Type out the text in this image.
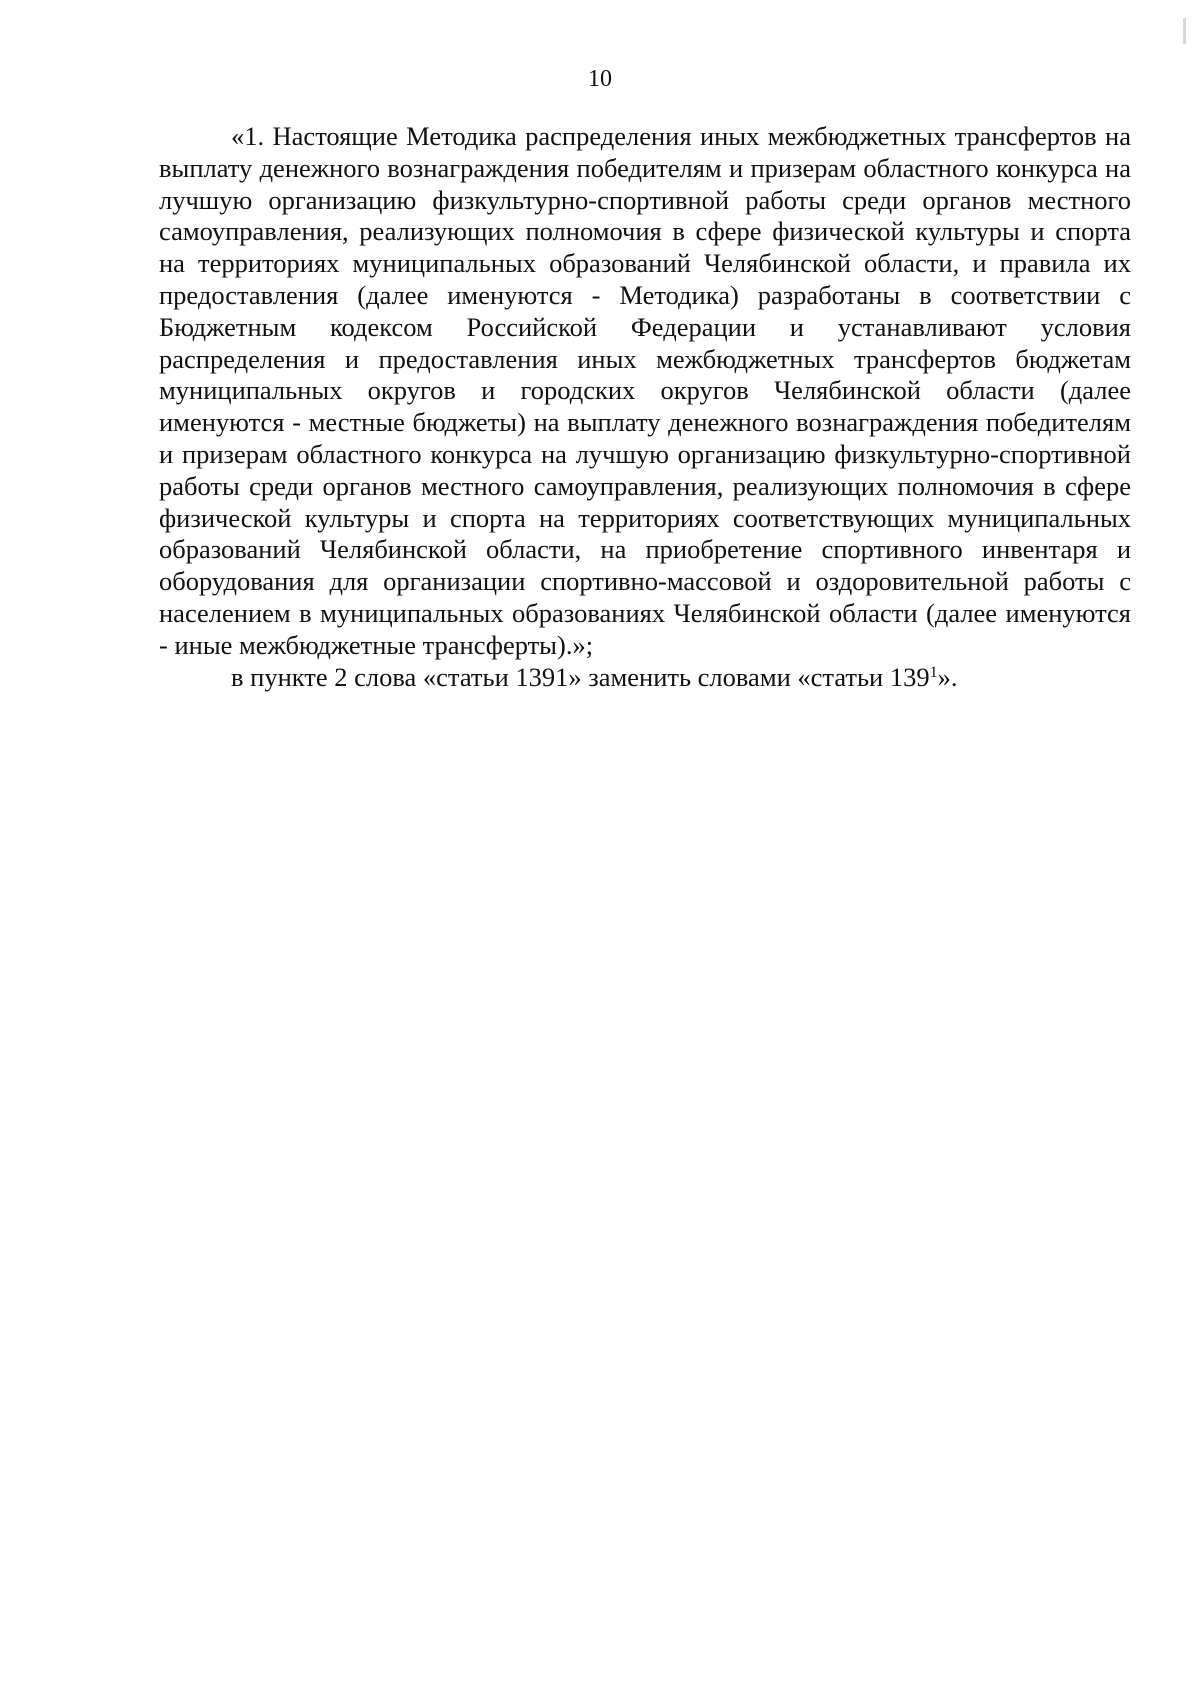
10

«1. Настоящие Методика распределения иных межбюджетных трансфертов на выплату денежного вознаграждения победителям и призерам областного конкурса на лучшую организацию физкультурно-спортивной работы среди органов местного самоуправления, реализующих полномочия в сфере физической культуры и спорта на территориях муниципальных образований Челябинской области, и правила их предоставления (далее именуются - Методика) разработаны в соответствии с Бюджетным кодексом Российской Федерации и устанавливают условия распределения и предоставления иных межбюджетных трансфертов бюджетам муниципальных округов и городских округов Челябинской области (далее именуются - местные бюджеты) на выплату денежного вознаграждения победителям и призерам областного конкурса на лучшую организацию физкультурно-спортивной работы среди органов местного самоуправления, реализующих полномочия в сфере физической культуры и спорта на территориях соответствующих муниципальных образований Челябинской области, на приобретение спортивного инвентаря и оборудования для организации спортивно-массовой и оздоровительной работы с населением в муниципальных образованиях Челябинской области (далее именуются - иные межбюджетные трансферты).»;

в пункте 2 слова «статьи 1391» заменить словами «статьи $139^1$».
